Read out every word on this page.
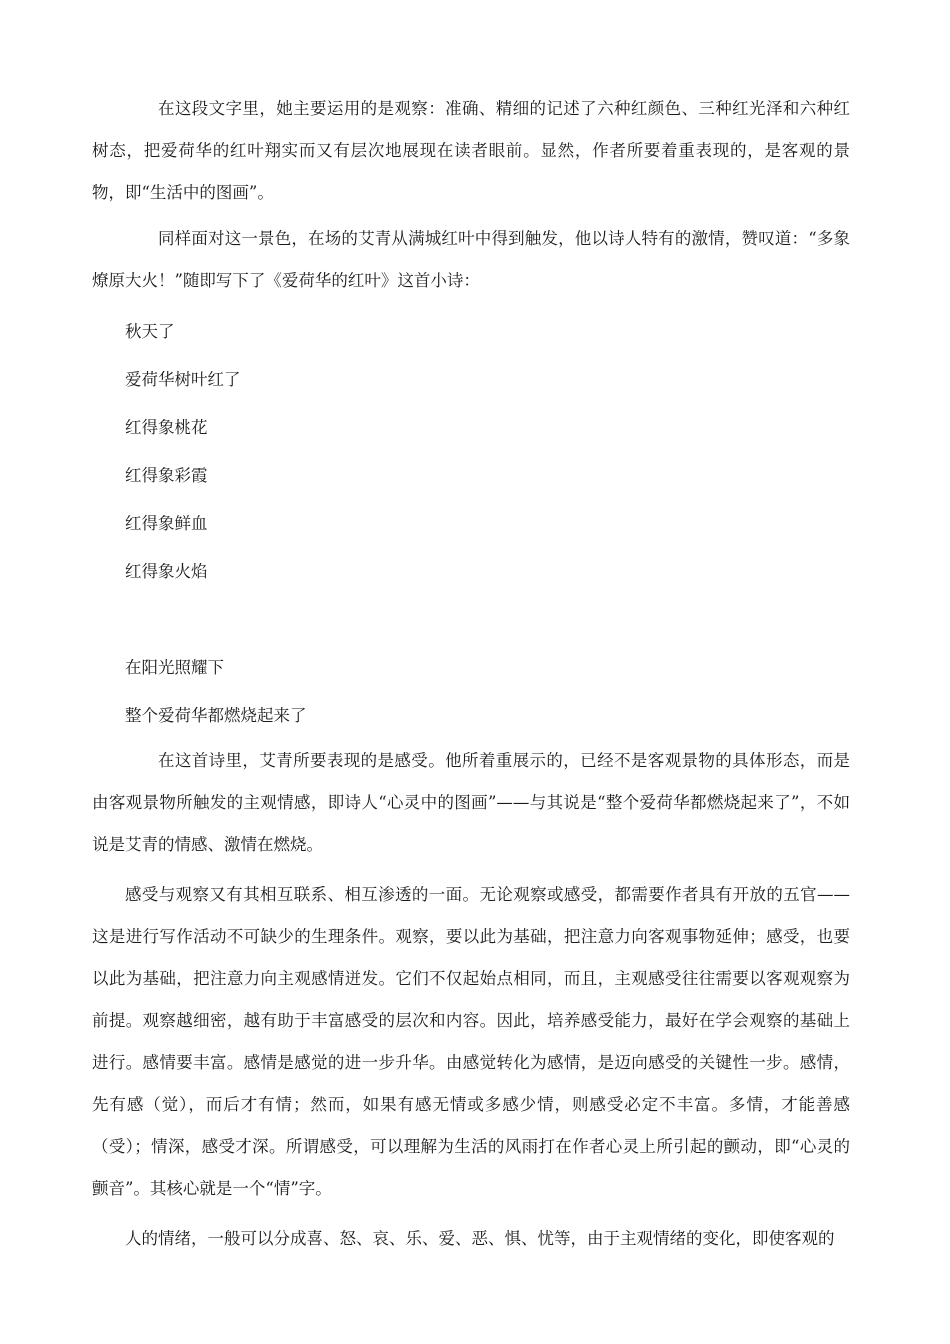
在这段文字里，她主要运用的是观察：准确、精细的记述了六种红颜色、三种红光泽和六种红树态，把爱荷华的红叶翔实而又有层次地展现在读者眼前。显然，作者所要着重表现的，是客观的景物，即“生活中的图画”。

同样面对这一景色，在场的艾青从满城红叶中得到触发，他以诗人特有的激情，赞叹道：“多象燎原大火！”随即写下了《爱荷华的红叶》这首小诗：

秋天了

爱荷华树叶红了

红得象桃花

红得象彩霞

红得象鲜血

红得象火焰

在阳光照耀下

整个爱荷华都燃烧起来了

在这首诗里，艾青所要表现的是感受。他所着重展示的，已经不是客观景物的具体形态，而是由客观景物所触发的主观情感，即诗人“心灵中的图画”——与其说是“整个爱荷华都燃烧起来了”，不如说是艾青的情感、激情在燃烧。

感受与观察又有其相互联系、相互渗透的一面。无论观察或感受，都需要作者具有开放的五官——这是进行写作活动不可缺少的生理条件。观察，要以此为基础，把注意力向客观事物延伸；感受，也要以此为基础，把注意力向主观感情迸发。它们不仅起始点相同，而且，主观感受往往需要以客观观察为前提。观察越细密，越有助于丰富感受的层次和内容。因此，培养感受能力，最好在学会观察的基础上进行。感情要丰富。感情是感觉的进一步升华。由感觉转化为感情，是迈向感受的关键性一步。感情，先有感（觉），而后才有情；然而，如果有感无情或多感少情，则感受必定不丰富。多情，才能善感（受）；情深，感受才深。所谓感受，可以理解为生活的风雨打在作者心灵上所引起的颤动，即“心灵的颤音”。其核心就是一个“情”字。

人的情绪，一般可以分成喜、怒、哀、乐、爱、恶、惧、忧等，由于主观情绪的变化，即使客观的
